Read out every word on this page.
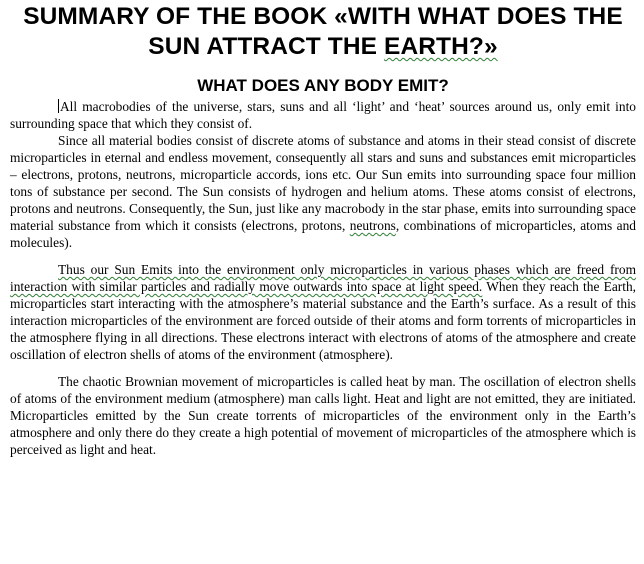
SUMMARY OF THE BOOK «WITH WHAT DOES THE SUN ATTRACT THE EARTH?»
WHAT DOES ANY BODY EMIT?

All macrobodies of the universe, stars, suns and all ‘light’ and ‘heat’ sources around us, only emit into surrounding space that which they consist of.

Since all material bodies consist of discrete atoms of substance and atoms in their stead consist of discrete microparticles in eternal and endless movement, consequently all stars and suns and substances emit microparticles – electrons, protons, neutrons, microparticle accords, ions etc. Our Sun emits into surrounding space four million tons of substance per second. The Sun consists of hydrogen and helium atoms. These atoms consist of electrons, protons and neutrons. Consequently, the Sun, just like any macrobody in the star phase, emits into surrounding space material substance from which it consists (electrons, protons, neutrons, combinations of microparticles, atoms and molecules).

Thus our Sun Emits into the environment only microparticles in various phases which are freed from interaction with similar particles and radially move outwards into space at light speed. When they reach the Earth, microparticles start interacting with the atmosphere’s material substance and the Earth’s surface. As a result of this interaction microparticles of the environment are forced outside of their atoms and form torrents of microparticles in the atmosphere flying in all directions. These electrons interact with electrons of atoms of the atmosphere and create oscillation of electron shells of atoms of the environment (atmosphere).

The chaotic Brownian movement of microparticles is called heat by man. The oscillation of electron shells of atoms of the environment medium (atmosphere) man calls light. Heat and light are not emitted, they are initiated. Microparticles emitted by the Sun create torrents of microparticles of the environment only in the Earth’s atmosphere and only there do they create a high potential of movement of microparticles of the atmosphere which is perceived as light and heat.
